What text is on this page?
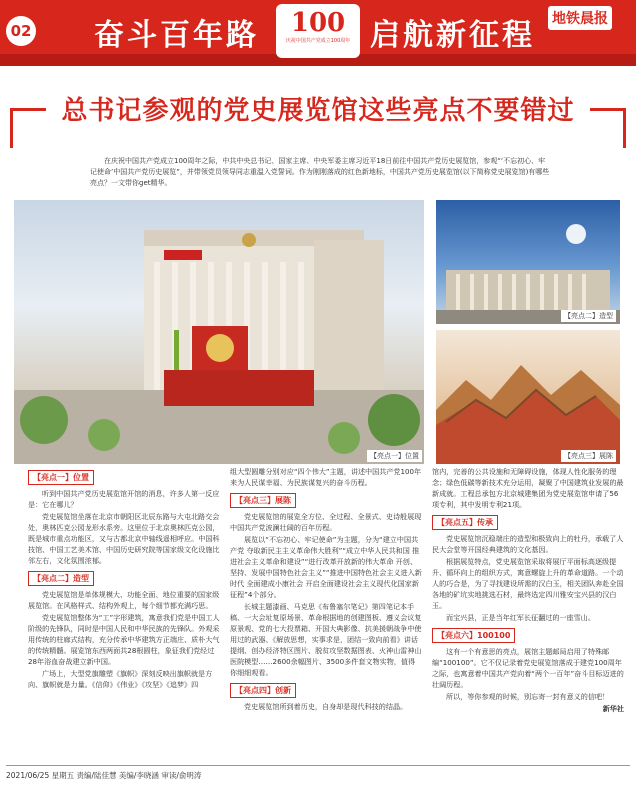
02 奋斗百年路	100
庆祝中国共产党成立100周年 启航新征程 地铁晨报
总书记参观的党史展览馆这些亮点不要错过
在庆祝中国共产党成立100周年之际，中共中央总书记、国家主席、中央军委主席习近平18日前往中国共产党历史展览馆，参观“‘不忘初心、牢记使命’中国共产党历史展览”，并带领党员领导同志重温入党誓词。作为刚刚落成的红色新地标，中国共产党历史展览馆(以下简称党史展览馆)有哪些亮点？一文带你get精华。
【亮点一】位置
【亮点二】造型
【亮点三】展陈
【亮点一】位置

听到中国共产党历史展览馆开馆的消息，许多人第一反应是：它在哪儿？

党史展览馆坐落在北京市朝阳区北辰东路与大屯北路交会处，奥林匹克公园龙形水系旁。这里位于北京奥林匹克公园，既是城市重点功能区，又与古都北京中轴线遥相呼应。中国科技馆、中国工艺美术馆、中国历史研究院等国家级文化设施比邻左右，文化氛围浓郁。

【亮点二】造型

党史展览馆是单体规模大、功能全面、地位重要的国家级展览馆。在风格样式、结构外观上，每个细节都充满巧思。

党史展览馆整体为“工”字形建筑，寓意我们党是中国工人阶级的先锋队，同时是中国人民和中华民族的先锋队。外观采用传统的柱廊式结构，充分传承中华建筑方正端庄、质朴大气的传统精髓。展览馆东西两面共28根圆柱，象征我们党经过28年浴血奋战建立新中国。

广场上，大型党旗雕塑《旗帜》深刻反映出旗帜就是方向、旗帜就是力量。《信仰》《伟业》《攻坚》《追梦》四

组大型圆雕分别对应“四个伟大”主题，讲述中国共产党100年来为人民谋幸福、为民族谋复兴的奋斗历程。

【亮点三】展陈

党史展览馆的展览全方位、全过程、全景式、史诗般展现中国共产党波澜壮阔的百年历程。

展览以“不忘初心、牢记使命”为主题，分为“建立中国共产党 夺取新民主主义革命伟大胜利”“成立中华人民共和国 推进社会主义革命和建设”“进行改革开放新的伟大革命 开创、坚持、发展中国特色社会主义”“推进中国特色社会主义进入新时代 全面建成小康社会 开启全面建设社会主义现代化国家新征程”4个部分。

长城主题漆画、马克思《布鲁塞尔笔记》第四笔记本手稿、一大会址复原场景、革命根据地的创建图板、遵义会议复原景观、党的七大投票箱、开国大典影像、抗美援朝战争中使用过的武器、《解放思想，实事求是，团结一致向前看》讲话提纲、创办经济特区图片、脱贫攻坚数据图表、火神山雷神山医院模型……2600余幅图片、3500多件套文物实物，值得你细细观看。

【亮点四】创新

党史展览馆所到着历史，自身却是现代科技的结晶。

馆内，完善的公共设施和无障碍设施，体现人性化服务的理念；绿色低碳等新技术充分运用，凝聚了中国建筑业发展的最新成就。工程总承包方北京城建集团为党史展览馆申请了56项专利，其中发明专利21项。

【亮点五】传承

党史展览馆沉稳端庄的造型和极致向上的牡丹，承载了人民大会堂等开国经典建筑的文化基因。

根据展览特点，党史展览馆采取将展厅平面标高逐级提升、循环向上的组织方式，寓意螺旋上升的革命道路。一个动人的巧合是，为了寻找建设所需的汉白玉，相关团队奔赴全国各地的矿坑实地挑选石材，最终选定四川雅安宝兴县的汉白玉。

而宝兴县，正是当年红军长征翻过的一座雪山。

【亮点六】100100

这有一个有意思的亮点，展馆主题邮局启用了特殊邮编“100100”。它不仅记录着党史展览馆落成于建党100周年之际，也寓意着中国共产党向着“两个一百年”奋斗目标迈进的壮阔历程。

所以，等你参观的时候，别忘寄一封有意义的信吧！

新华社

2021/06/25 星期五 责编/陆佳慧 美编/李晓涵 审读/俞明涛
